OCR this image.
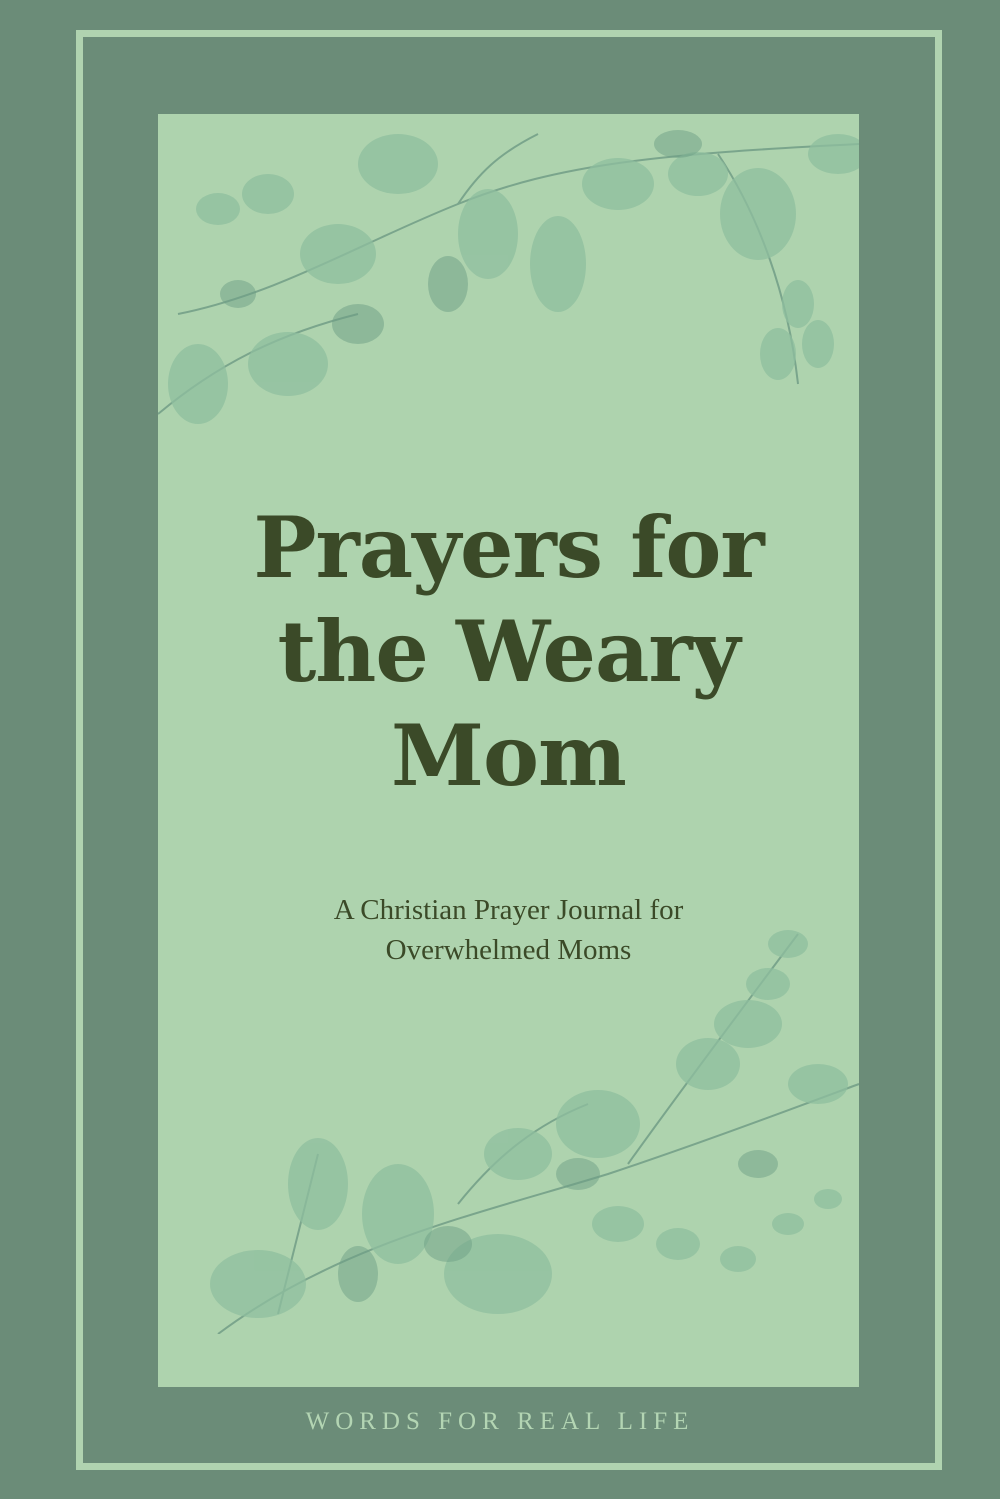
Prayers for
the Weary
Mom
A Christian Prayer Journal for
Overwhelmed Moms
WORDS FOR REAL LIFE
